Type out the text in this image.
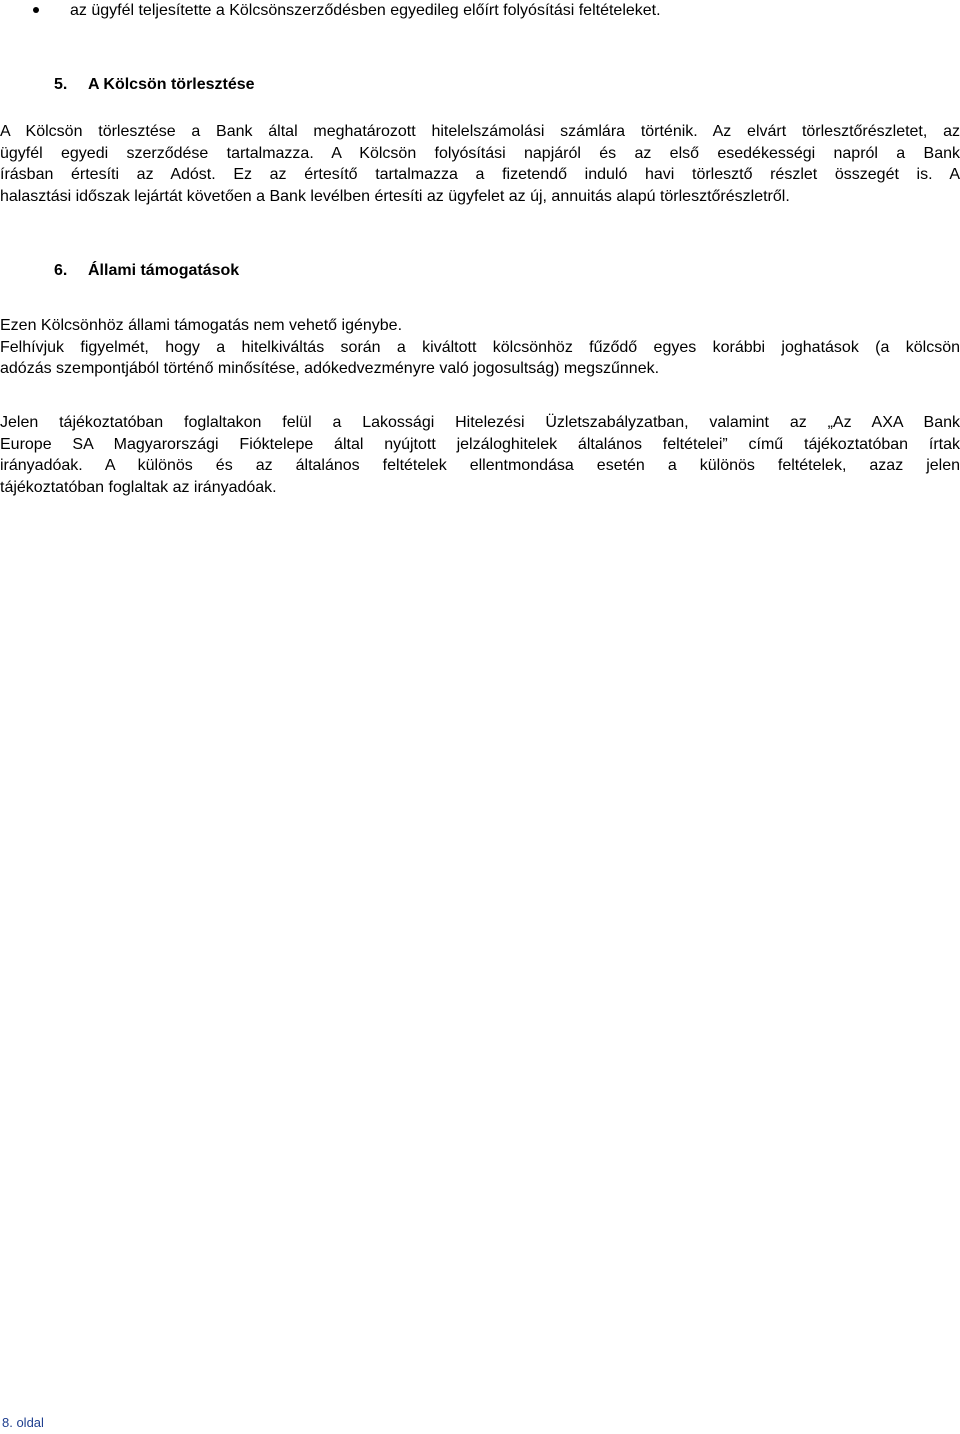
az ügyfél teljesítette a Kölcsönszerződésben egyedileg előírt folyósítási feltételeket.
5. A Kölcsön törlesztése
A Kölcsön törlesztése a Bank által meghatározott hitelelszámolási számlára történik. Az elvárt törlesztőrészletet, az
ügyfél egyedi szerződése tartalmazza. A Kölcsön folyósítási napjáról és az első esedékességi napról a Bank
írásban értesíti az Adóst. Ez az értesítő tartalmazza a fizetendő induló havi törlesztő részlet összegét is. A
halasztási időszak lejártát követően a Bank levélben értesíti az ügyfelet az új, annuitás alapú törlesztőrészletről.
6. Állami támogatások
Ezen Kölcsönhöz állami támogatás nem vehető igénybe.
Felhívjuk figyelmét, hogy a hitelkiváltás során a kiváltott kölcsönhöz fűződő egyes korábbi joghatások (a kölcsön
adózás szempontjából történő minősítése, adókedvezményre való jogosultság) megszűnnek.
Jelen tájékoztatóban foglaltakon felül a Lakossági Hitelezési Üzletszabályzatban, valamint az „Az AXA Bank
Europe SA Magyarországi Fióktelepe által nyújtott jelzáloghitelek általános feltételei” című tájékoztatóban írtak
irányadóak. A különös és az általános feltételek ellentmondása esetén a különös feltételek, azaz jelen
tájékoztatóban foglaltak az irányadóak.
8. oldal
